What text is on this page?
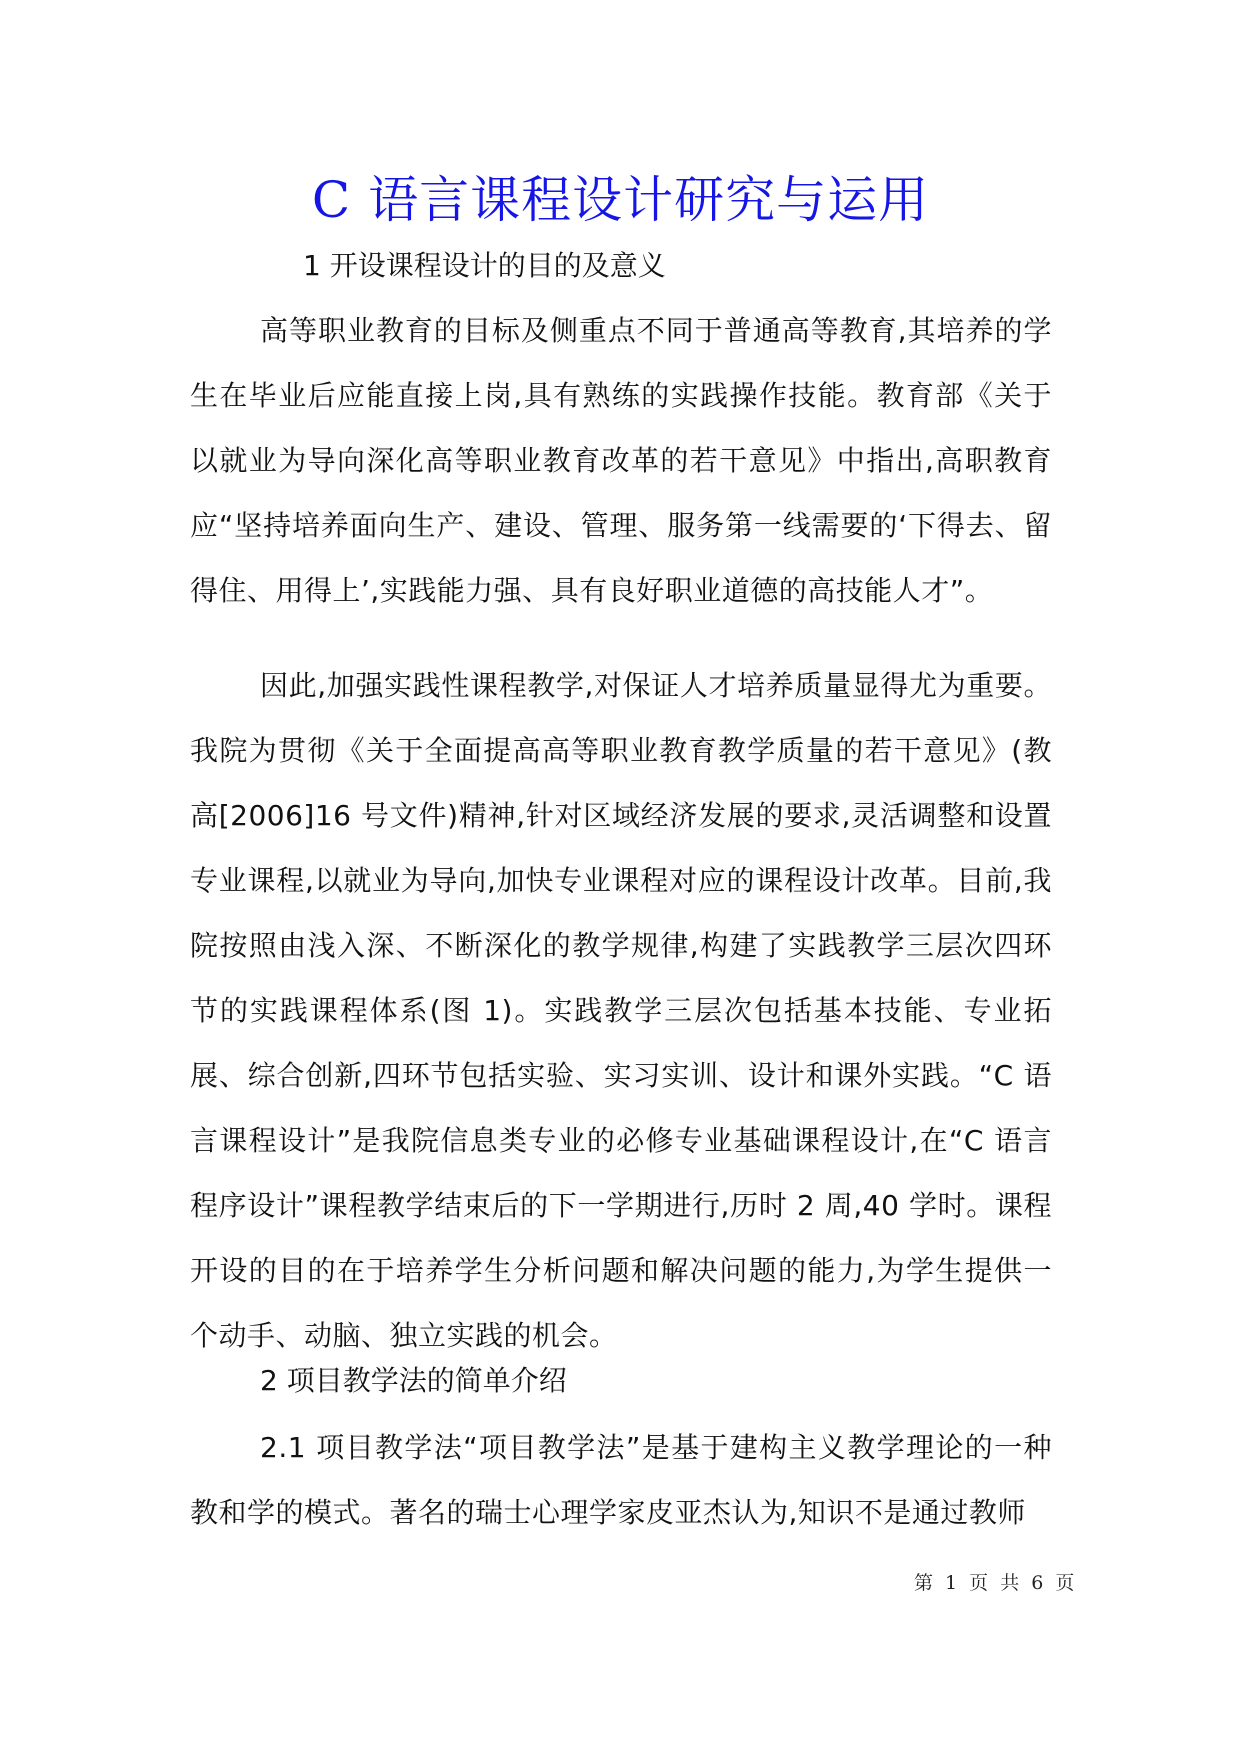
C 语言课程设计研究与运用
1 开设课程设计的目的及意义

高等职业教育的目标及侧重点不同于普通高等教育,其培养的学生在毕业后应能直接上岗,具有熟练的实践操作技能。教育部《关于以就业为导向深化高等职业教育改革的若干意见》中指出,高职教育应“坚持培养面向生产、建设、管理、服务第一线需要的‘下得去、留得住、用得上’,实践能力强、具有良好职业道德的高技能人才”。

因此,加强实践性课程教学,对保证人才培养质量显得尤为重要。我院为贯彻《关于全面提高高等职业教育教学质量的若干意见》(教高[2006]16 号文件)精神,针对区域经济发展的要求,灵活调整和设置专业课程,以就业为导向,加快专业课程对应的课程设计改革。目前,我院按照由浅入深、不断深化的教学规律,构建了实践教学三层次四环节的实践课程体系(图 1)。实践教学三层次包括基本技能、专业拓展、综合创新,四环节包括实验、实习实训、设计和课外实践。“C 语言课程设计”是我院信息类专业的必修专业基础课程设计,在“C 语言程序设计”课程教学结束后的下一学期进行,历时 2 周,40 学时。课程开设的目的在于培养学生分析问题和解决问题的能力,为学生提供一个动手、动脑、独立实践的机会。

2 项目教学法的简单介绍

2.1 项目教学法“项目教学法”是基于建构主义教学理论的一种教和学的模式。著名的瑞士心理学家皮亚杰认为,知识不是通过教师

第 1 页 共 6 页
